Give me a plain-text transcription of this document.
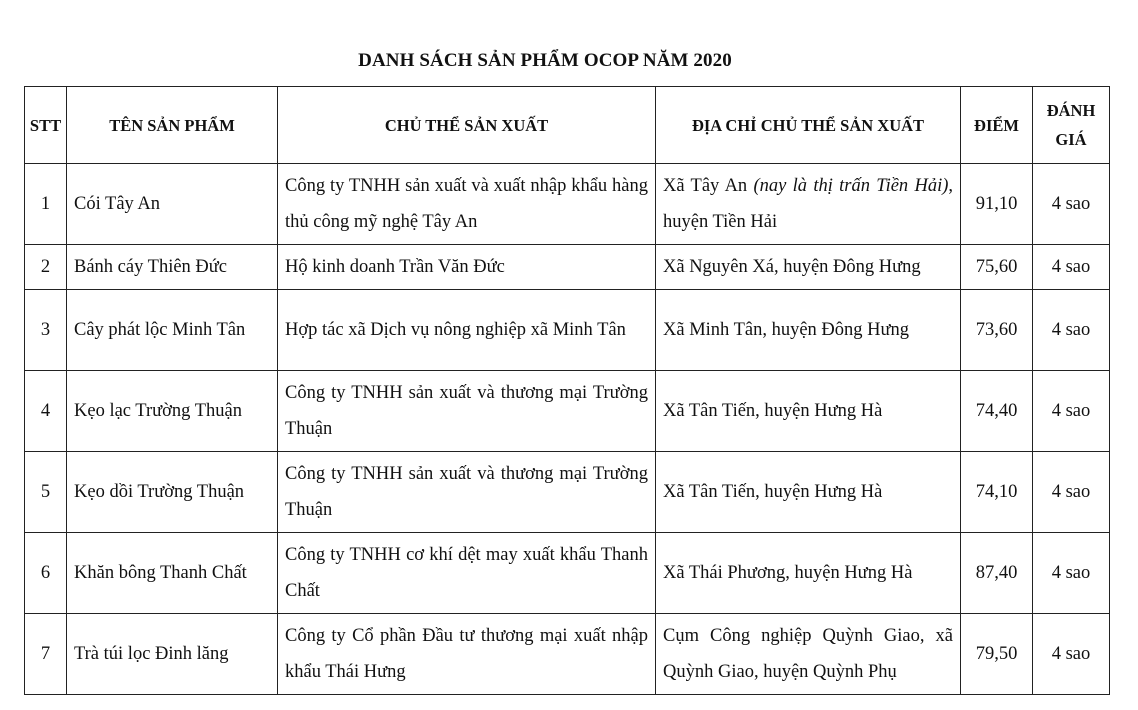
DANH SÁCH SẢN PHẨM OCOP NĂM 2020
STT	TÊN SẢN PHẨM	CHỦ THỂ SẢN XUẤT	ĐỊA CHỈ CHỦ THỂ SẢN XUẤT	ĐIỂM	ĐÁNH GIÁ
1	Cói Tây An	Công ty TNHH sản xuất và xuất nhập khẩu hàng thủ công mỹ nghệ Tây An	Xã Tây An (nay là thị trấn Tiền Hải), huyện Tiền Hải	91,10	4 sao
2	Bánh cáy Thiên Đức	Hộ kinh doanh Trần Văn Đức	Xã Nguyên Xá, huyện Đông Hưng	75,60	4 sao
3	Cây phát lộc Minh Tân	Hợp tác xã Dịch vụ nông nghiệp xã Minh Tân	Xã Minh Tân, huyện Đông Hưng	73,60	4 sao
4	Kẹo lạc Trường Thuận	Công ty TNHH sản xuất và thương mại Trường Thuận	Xã Tân Tiến, huyện Hưng Hà	74,40	4 sao
5	Kẹo dồi Trường Thuận	Công ty TNHH sản xuất và thương mại Trường Thuận	Xã Tân Tiến, huyện Hưng Hà	74,10	4 sao
6	Khăn bông Thanh Chất	Công ty TNHH cơ khí dệt may xuất khẩu Thanh Chất	Xã Thái Phương, huyện Hưng Hà	87,40	4 sao
7	Trà túi lọc Đinh lăng	Công ty Cổ phần Đầu tư thương mại xuất nhập khẩu Thái Hưng	Cụm Công nghiệp Quỳnh Giao, xã Quỳnh Giao, huyện Quỳnh Phụ	79,50	4 sao
